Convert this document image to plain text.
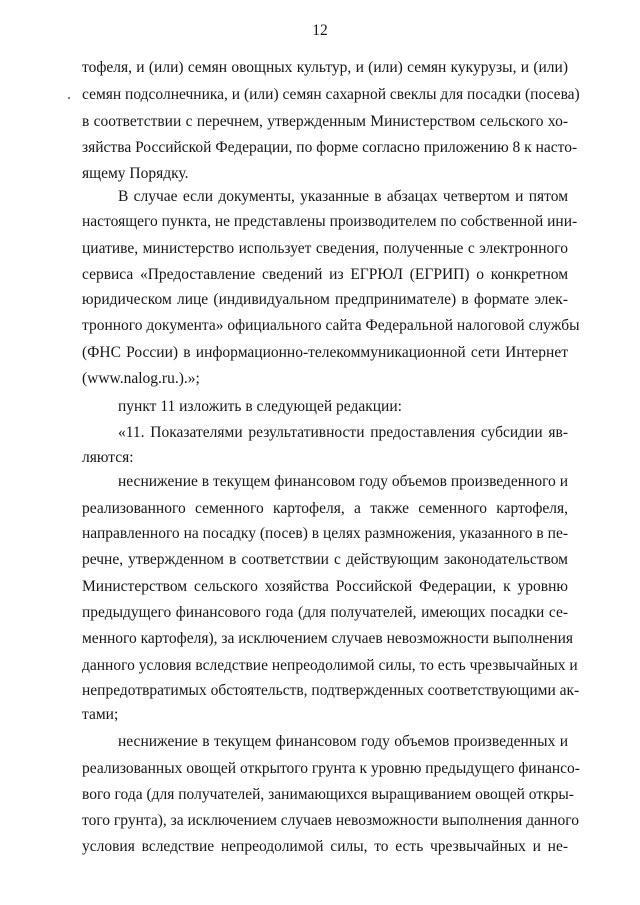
12
тофеля, и (или) семян овощных культур, и (или) семян кукурузы, и (или)
семян подсолнечника, и (или) семян сахарной свеклы для посадки (посева)
в соответствии с перечнем, утвержденным Министерством сельского хо-
зяйства Российской Федерации, по форме согласно приложению 8 к насто-
ящему Порядку.
В случае если документы, указанные в абзацах четвертом и пятом
настоящего пункта, не представлены производителем по собственной ини-
циативе, министерство использует сведения, полученные с электронного
сервиса «Предоставление сведений из ЕГРЮЛ (ЕГРИП) о конкретном
юридическом лице (индивидуальном предпринимателе) в формате элек-
тронного документа» официального сайта Федеральной налоговой службы
(ФНС России) в информационно-телекоммуникационной сети Интернет
(www.nalog.ru.).»;
пункт 11 изложить в следующей редакции:
«11. Показателями результативности предоставления субсидии яв-
ляются:
неснижение в текущем финансовом году объемов произведенного и
реализованного семенного картофеля, а также семенного картофеля,
направленного на посадку (посев) в целях размножения, указанного в пе-
речне, утвержденном в соответствии с действующим законодательством
Министерством сельского хозяйства Российской Федерации, к уровню
предыдущего финансового года (для получателей, имеющих посадки се-
менного картофеля), за исключением случаев невозможности выполнения
данного условия вследствие непреодолимой силы, то есть чрезвычайных и
непредотвратимых обстоятельств, подтвержденных соответствующими ак-
тами;
неснижение в текущем финансовом году объемов произведенных и
реализованных овощей открытого грунта к уровню предыдущего финансо-
вого года (для получателей, занимающихся выращиванием овощей откры-
того грунта), за исключением случаев невозможности выполнения данного
условия вследствие непреодолимой силы, то есть чрезвычайных и не-
